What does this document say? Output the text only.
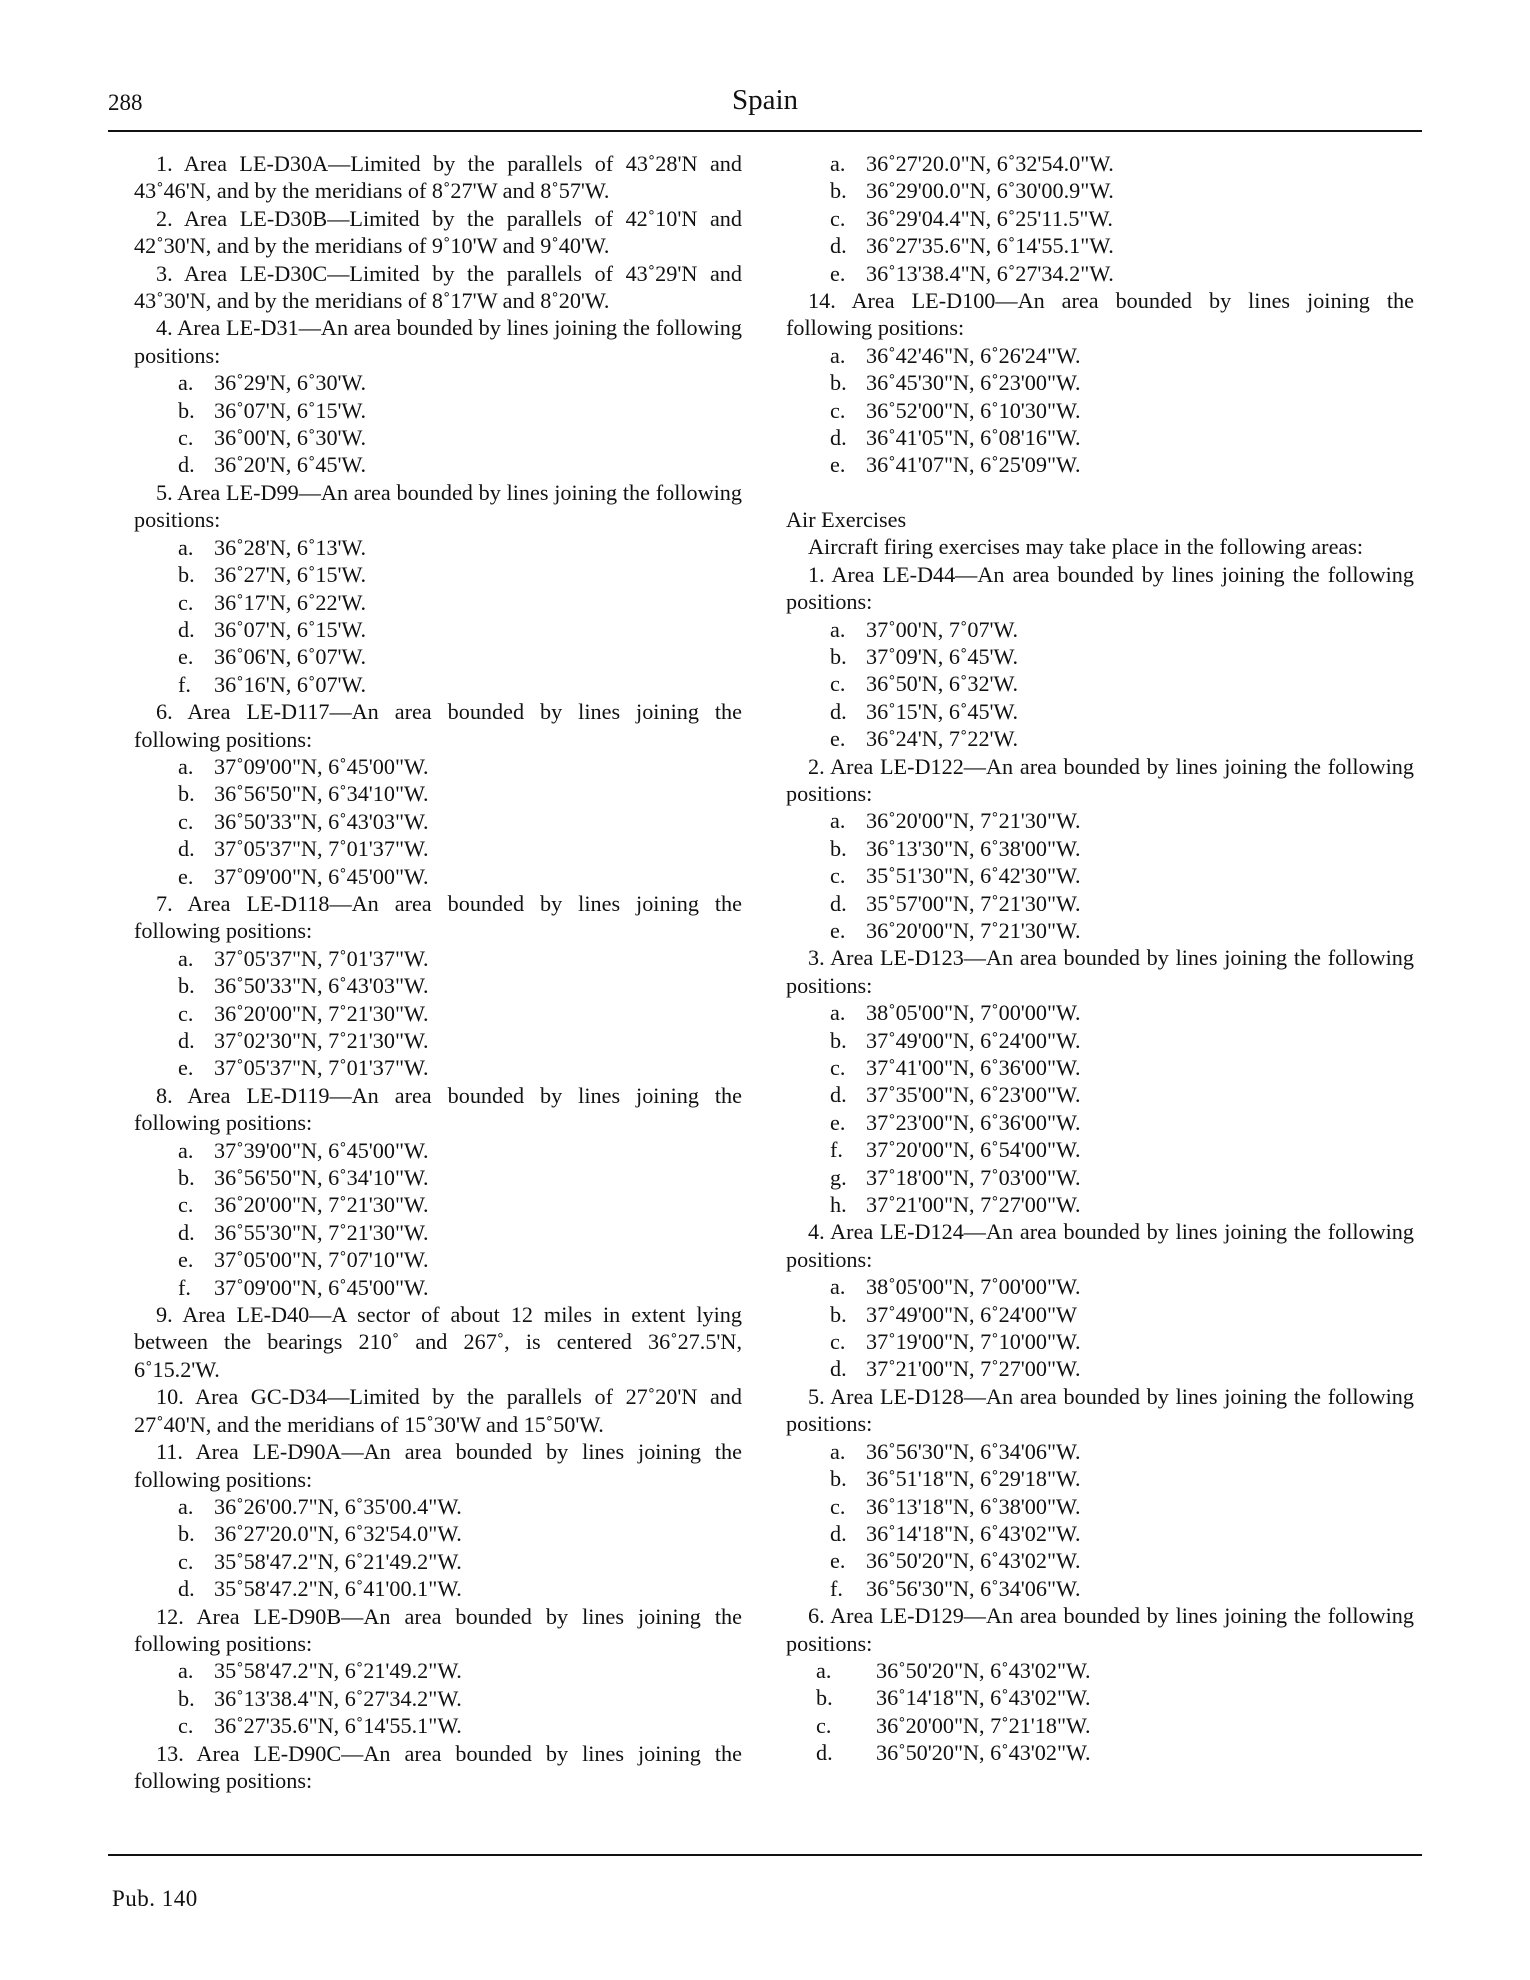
288	Spain

1. Area LE-D30A—Limited by the parallels of 43˚28'N and 43˚46'N, and by the meridians of 8˚27'W and 8˚57'W.

2. Area LE-D30B—Limited by the parallels of 42˚10'N and 42˚30'N, and by the meridians of 9˚10'W and 9˚40'W.

3. Area LE-D30C—Limited by the parallels of 43˚29'N and 43˚30'N, and by the meridians of 8˚17'W and 8˚20'W.

4. Area LE-D31—An area bounded by lines joining the following positions:

a. 36˚29'N, 6˚30'W.
b. 36˚07'N, 6˚15'W.
c. 36˚00'N, 6˚30'W.
d. 36˚20'N, 6˚45'W.

5. Area LE-D99—An area bounded by lines joining the following positions:

a. 36˚28'N, 6˚13'W.
b. 36˚27'N, 6˚15'W.
c. 36˚17'N, 6˚22'W.
d. 36˚07'N, 6˚15'W.
e. 36˚06'N, 6˚07'W.
f. 36˚16'N, 6˚07'W.

6. Area LE-D117—An area bounded by lines joining the following positions:

a. 37˚09'00"N, 6˚45'00"W.
b. 36˚56'50"N, 6˚34'10"W.
c. 36˚50'33"N, 6˚43'03"W.
d. 37˚05'37"N, 7˚01'37"W.
e. 37˚09'00"N, 6˚45'00"W.

7. Area LE-D118—An area bounded by lines joining the following positions:

a. 37˚05'37"N, 7˚01'37"W.
b. 36˚50'33"N, 6˚43'03"W.
c. 36˚20'00"N, 7˚21'30"W.
d. 37˚02'30"N, 7˚21'30"W.
e. 37˚05'37"N, 7˚01'37"W.

8. Area LE-D119—An area bounded by lines joining the following positions:

a. 37˚39'00"N, 6˚45'00"W.
b. 36˚56'50"N, 6˚34'10"W.
c. 36˚20'00"N, 7˚21'30"W.
d. 36˚55'30"N, 7˚21'30"W.
e. 37˚05'00"N, 7˚07'10"W.
f. 37˚09'00"N, 6˚45'00"W.

9. Area LE-D40—A sector of about 12 miles in extent lying between the bearings 210˚ and 267˚, is centered 36˚27.5'N, 6˚15.2'W.

10. Area GC-D34—Limited by the parallels of 27˚20'N and 27˚40'N, and the meridians of 15˚30'W and 15˚50'W.

11. Area LE-D90A—An area bounded by lines joining the following positions:

a. 36˚26'00.7"N, 6˚35'00.4"W.
b. 36˚27'20.0"N, 6˚32'54.0"W.
c. 35˚58'47.2"N, 6˚21'49.2"W.
d. 35˚58'47.2"N, 6˚41'00.1"W.

12. Area LE-D90B—An area bounded by lines joining the following positions:

a. 35˚58'47.2"N, 6˚21'49.2"W.
b. 36˚13'38.4"N, 6˚27'34.2"W.
c. 36˚27'35.6"N, 6˚14'55.1"W.

13. Area LE-D90C—An area bounded by lines joining the following positions:

a. 36˚27'20.0"N, 6˚32'54.0"W.
b. 36˚29'00.0"N, 6˚30'00.9"W.
c. 36˚29'04.4"N, 6˚25'11.5"W.
d. 36˚27'35.6"N, 6˚14'55.1"W.
e. 36˚13'38.4"N, 6˚27'34.2"W.

14. Area LE-D100—An area bounded by lines joining the following positions:

a. 36˚42'46"N, 6˚26'24"W.
b. 36˚45'30"N, 6˚23'00"W.
c. 36˚52'00"N, 6˚10'30"W.
d. 36˚41'05"N, 6˚08'16"W.
e. 36˚41'07"N, 6˚25'09"W.

Air Exercises

Aircraft firing exercises may take place in the following areas:

1. Area LE-D44—An area bounded by lines joining the following positions:

a. 37˚00'N, 7˚07'W.
b. 37˚09'N, 6˚45'W.
c. 36˚50'N, 6˚32'W.
d. 36˚15'N, 6˚45'W.
e. 36˚24'N, 7˚22'W.

2. Area LE-D122—An area bounded by lines joining the following positions:

a. 36˚20'00"N, 7˚21'30"W.
b. 36˚13'30"N, 6˚38'00"W.
c. 35˚51'30"N, 6˚42'30"W.
d. 35˚57'00"N, 7˚21'30"W.
e. 36˚20'00"N, 7˚21'30"W.

3. Area LE-D123—An area bounded by lines joining the following positions:

a. 38˚05'00"N, 7˚00'00"W.
b. 37˚49'00"N, 6˚24'00"W.
c. 37˚41'00"N, 6˚36'00"W.
d. 37˚35'00"N, 6˚23'00"W.
e. 37˚23'00"N, 6˚36'00"W.
f. 37˚20'00"N, 6˚54'00"W.
g. 37˚18'00"N, 7˚03'00"W.
h. 37˚21'00"N, 7˚27'00"W.

4. Area LE-D124—An area bounded by lines joining the following positions:

a. 38˚05'00"N, 7˚00'00"W.
b. 37˚49'00"N, 6˚24'00"W
c. 37˚19'00"N, 7˚10'00"W.
d. 37˚21'00"N, 7˚27'00"W.

5. Area LE-D128—An area bounded by lines joining the following positions:

a. 36˚56'30"N, 6˚34'06"W.
b. 36˚51'18"N, 6˚29'18"W.
c. 36˚13'18"N, 6˚38'00"W.
d. 36˚14'18"N, 6˚43'02"W.
e. 36˚50'20"N, 6˚43'02"W.
f. 36˚56'30"N, 6˚34'06"W.

6. Area LE-D129—An area bounded by lines joining the following positions:

a. 36˚50'20"N, 6˚43'02"W.
b. 36˚14'18"N, 6˚43'02"W.
c. 36˚20'00"N, 7˚21'18"W.
d. 36˚50'20"N, 6˚43'02"W.
Pub. 140
